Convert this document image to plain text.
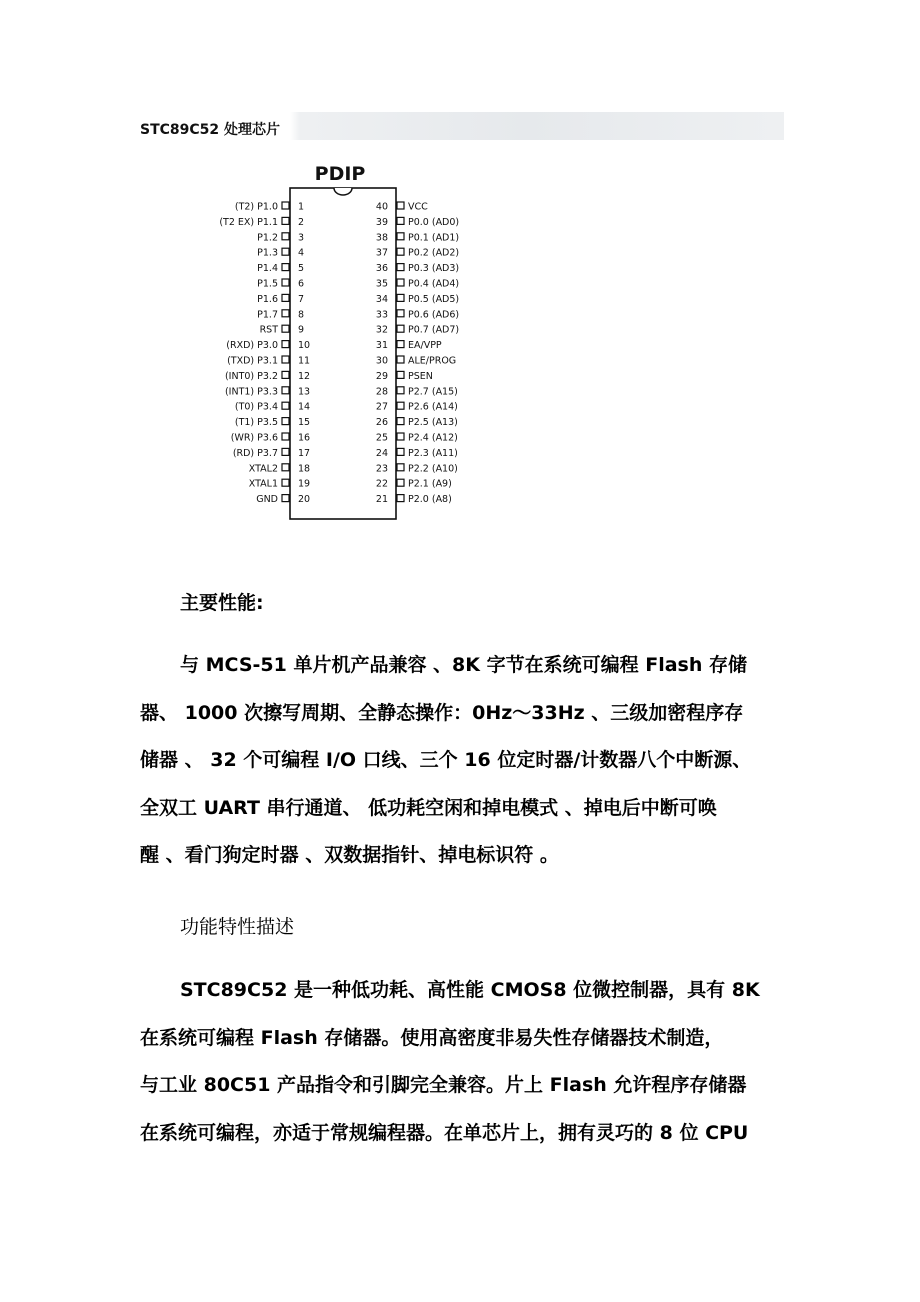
STC89C52 处理芯片
PDIP
1
(T2) P1.0
2
(T2 EX) P1.1
3
P1.2
4
P1.3
5
P1.4
6
P1.5
7
P1.6
8
P1.7
9
RST
10
(RXD) P3.0
11
(TXD) P3.1
12
(INT0) P3.2
13
(INT1) P3.3
14
(T0) P3.4
15
(T1) P3.5
16
(WR) P3.6
17
(RD) P3.7
18
XTAL2
19
XTAL1
20
GND
40 VCC
39 P0.0 (AD0)
38 P0.1 (AD1)
37 P0.2 (AD2)
36 P0.3 (AD3)
35 P0.4 (AD4)
34 P0.5 (AD5)
33 P0.6 (AD6)
32 P0.7 (AD7)
31 EA/VPP
30 ALE/PROG
29 PSEN
28 P2.7 (A15)
27 P2.6 (A14)
26 P2.5 (A13)
25 P2.4 (A12)
24 P2.3 (A11)
23 P2.2 (A10)
22 P2.1 (A9)
21 P2.0 (A8)
主要性能:
与 MCS-51 单片机产品兼容 、8K 字节在系统可编程 Flash 存储
器、 1000 次擦写周期、全静态操作：0Hz～33Hz 、三级加密程序存
储器 、 32 个可编程 I/O 口线、三个 16 位定时器/计数器八个中断源、
全双工 UART 串行通道、 低功耗空闲和掉电模式 、掉电后中断可唤
醒 、看门狗定时器 、双数据指针、掉电标识符 。
功能特性描述
STC89C52 是一种低功耗、高性能 CMOS8 位微控制器，具有 8K
在系统可编程 Flash 存储器。使用高密度非易失性存储器技术制造，
与工业 80C51 产品指令和引脚完全兼容。片上 Flash 允许程序存储器
在系统可编程，亦适于常规编程器。在单芯片上，拥有灵巧的 8 位 CPU
